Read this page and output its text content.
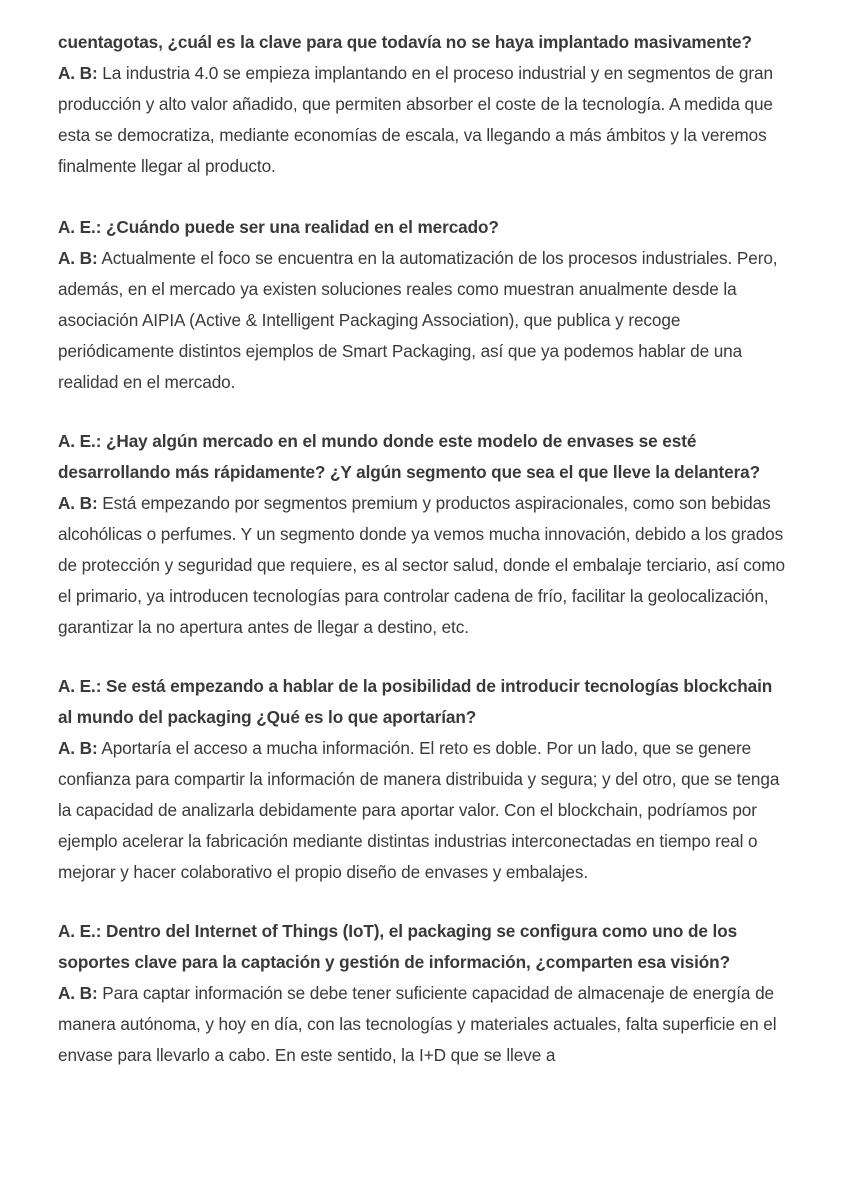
cuentagotas, ¿cuál es la clave para que todavía no se haya implantado masivamente?

A. B: La industria 4.0 se empieza implantando en el proceso industrial y en segmentos de gran producción y alto valor añadido, que permiten absorber el coste de la tecnología. A medida que esta se democratiza, mediante economías de escala, va llegando a más ámbitos y la veremos finalmente llegar al producto.

A. E.: ¿Cuándo puede ser una realidad en el mercado?

A. B: Actualmente el foco se encuentra en la automatización de los procesos industriales. Pero, además, en el mercado ya existen soluciones reales como muestran anualmente desde la asociación AIPIA (Active & Intelligent Packaging Association), que publica y recoge periódicamente distintos ejemplos de Smart Packaging, así que ya podemos hablar de una realidad en el mercado.

A. E.: ¿Hay algún mercado en el mundo donde este modelo de envases se esté desarrollando más rápidamente? ¿Y algún segmento que sea el que lleve la delantera?

A. B: Está empezando por segmentos premium y productos aspiracionales, como son bebidas alcohólicas o perfumes. Y un segmento donde ya vemos mucha innovación, debido a los grados de protección y seguridad que requiere, es al sector salud, donde el embalaje terciario, así como el primario, ya introducen tecnologías para controlar cadena de frío, facilitar la geolocalización, garantizar la no apertura antes de llegar a destino, etc.

A. E.: Se está empezando a hablar de la posibilidad de introducir tecnologías blockchain al mundo del packaging ¿Qué es lo que aportarían?

A. B: Aportaría el acceso a mucha información. El reto es doble. Por un lado, que se genere confianza para compartir la información de manera distribuida y segura; y del otro, que se tenga la capacidad de analizarla debidamente para aportar valor. Con el blockchain, podríamos por ejemplo acelerar la fabricación mediante distintas industrias interconectadas en tiempo real o mejorar y hacer colaborativo el propio diseño de envases y embalajes.

A. E.: Dentro del Internet of Things (IoT), el packaging se configura como uno de los soportes clave para la captación y gestión de información, ¿comparten esa visión?

A. B: Para captar información se debe tener suficiente capacidad de almacenaje de energía de manera autónoma, y hoy en día, con las tecnologías y materiales actuales, falta superficie en el envase para llevarlo a cabo. En este sentido, la I+D que se lleve a
